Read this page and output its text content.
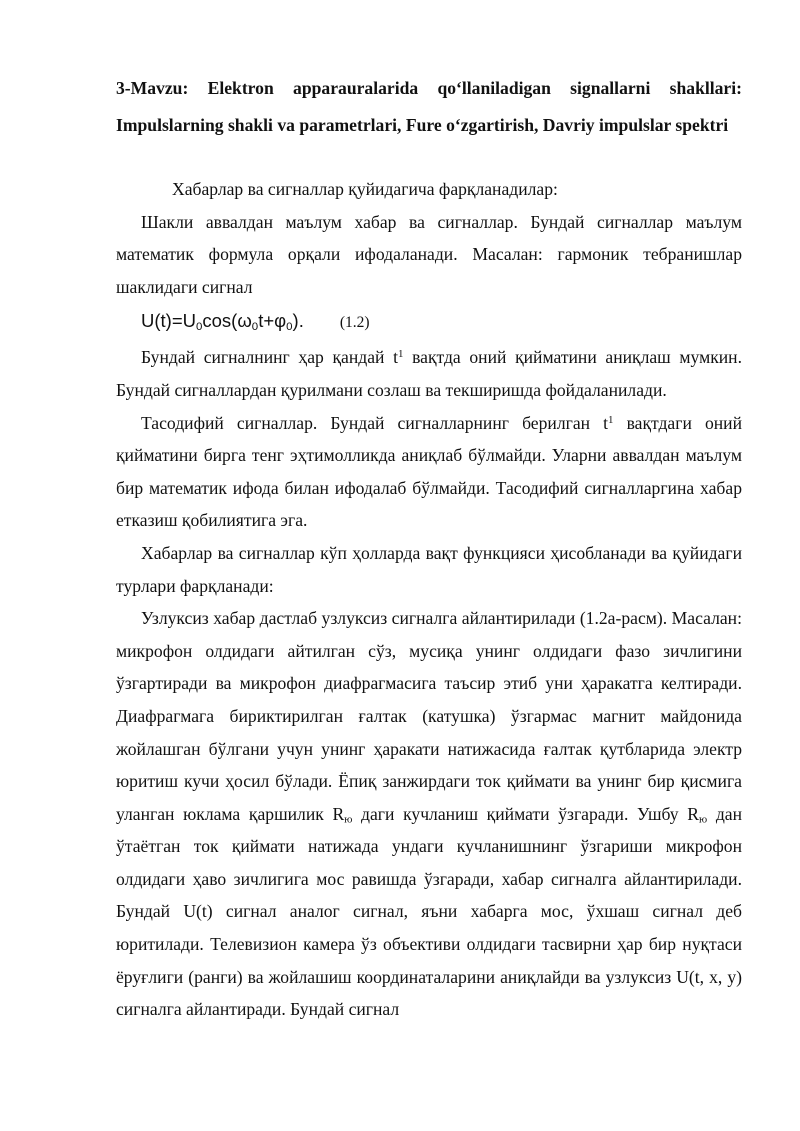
3-Mavzu: Elektron apparauralarida qo‘llaniladigan signallarni shakllari: Impulslarning shakli va parametrlari, Fure o‘zgartirish, Davriy impulslar spektri

Хабарлар ва сигналлар қуйидагича фарқланадилар:

Шакли аввалдан маълум хабар ва сигналлар. Бундай сигналлар маълум математик формула орқали ифодаланади. Масалан: гармоник тебранишлар шаклидаги сигнал

$U(t)=U_0\cos(\omega_0t+\varphi_0)$. (1.2)

Бундай сигналнинг ҳар қандай $t^1$ вақтда оний қийматини аниқлаш мумкин. Бундай сигналлардан қурилмани созлаш ва текширишда фойдаланилади.

Тасодифий сигналлар. Бундай сигналларнинг берилган $t^1$ вақтдаги оний қийматини бирга тенг эҳтимолликда аниқлаб бўлмайди. Уларни аввалдан маълум бир математик ифода билан ифодалаб бўлмайди. Тасодифий сигналларгина хабар етказиш қобилиятига эга.

Хабарлар ва сигналлар кўп ҳолларда вақт функцияси ҳисобланади ва қуйидаги турлари фарқланади:

Узлуксиз хабар дастлаб узлуксиз сигналга айлантирилади (1.2а-расм). Масалан: микрофон олдидаги айтилган сўз, мусиқа унинг олдидаги фазо зичлигини ўзгартиради ва микрофон диафрагмасига таъсир этиб уни ҳаракатга келтиради. Диафрагмага бириктирилган ғалтак (катушка) ўзгармас магнит майдонида жойлашган бўлгани учун унинг ҳаракати натижасида ғалтак қутбларида электр юритиш кучи ҳосил бўлади. Ёпиқ занжирдаги ток қиймати ва унинг бир қисмига уланган юклама қаршилик $R_ю$ даги кучланиш қиймати ўзгаради. Ушбу $R_ю$ дан ўтаётган ток қиймати натижада ундаги кучланишнинг ўзгариши микрофон олдидаги ҳаво зичлигига мос равишда ўзгаради, хабар сигналга айлантирилади. Бундай U(t) сигнал аналог сигнал, яъни хабарга мос, ўхшаш сигнал деб юритилади. Телевизион камера ўз объективи олдидаги тасвирни ҳар бир нуқтаси ёруғлиги (ранги) ва жойлашиш координаталарини аниқлайди ва узлуксиз U(t, x, y) сигналга айлантиради. Бундай сигнал
